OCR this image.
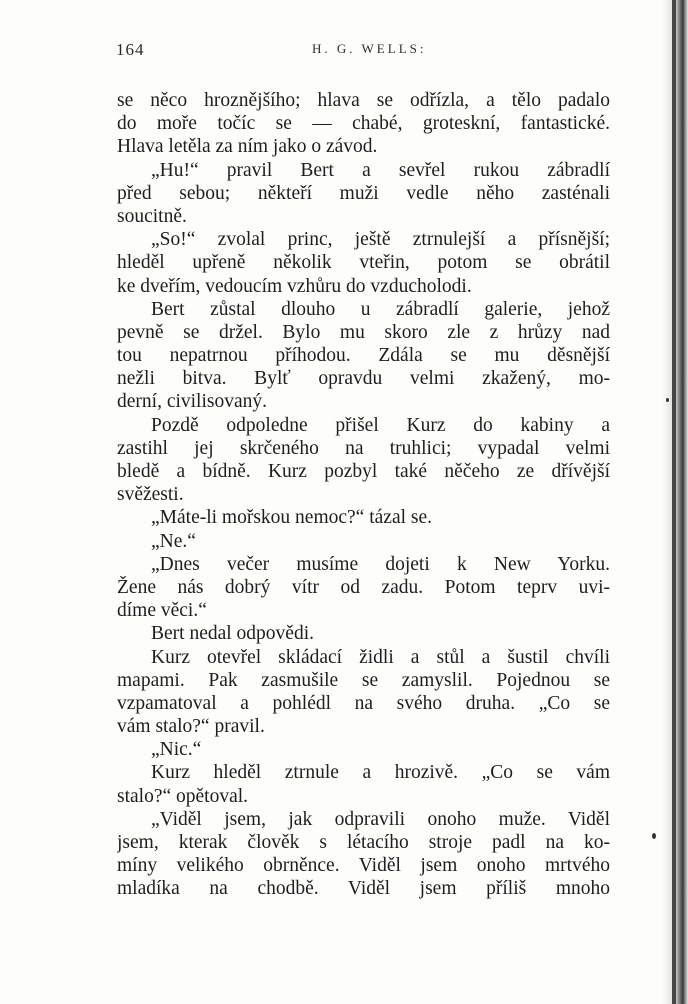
164	H. G. WELLS:
se něco hroznějšího; hlava se odřízla, a tělo padalo
do moře točíc se — chabé, groteskní, fantastické.
Hlava letěla za ním jako o závod.
„Hu!“ pravil Bert a sevřel rukou zábradlí
před sebou; někteří muži vedle něho zasténali
soucitně.
„So!“ zvolal princ, ještě ztrnulejší a přísnější;
hleděl upřeně několik vteřin, potom se obrátil
ke dveřím, vedoucím vzhůru do vzducholodi.
Bert zůstal dlouho u zábradlí galerie, jehož
pevně se držel. Bylo mu skoro zle z hrůzy nad
tou nepatrnou příhodou. Zdála se mu děsnější
nežli bitva. Bylť opravdu velmi zkažený, mo-
derní, civilisovaný.
Pozdě odpoledne přišel Kurz do kabiny a
zastihl jej skrčeného na truhlici; vypadal velmi
bledě a bídně. Kurz pozbyl také něčeho ze dřívější
svěžesti.
„Máte-li mořskou nemoc?“ tázal se.
„Ne.“
„Dnes večer musíme dojeti k New Yorku.
Žene nás dobrý vítr od zadu. Potom teprv uvi-
díme věci.“
Bert nedal odpovědi.
Kurz otevřel skládací židli a stůl a šustil chvíli
mapami. Pak zasmušile se zamyslil. Pojednou se
vzpamatoval a pohlédl na svého druha. „Co se
vám stalo?“ pravil.
„Nic.“
Kurz hleděl ztrnule a hrozivě. „Co se vám
stalo?“ opětoval.
„Viděl jsem, jak odpravili onoho muže. Viděl
jsem, kterak člověk s létacího stroje padl na ko-
míny velikého obrněnce. Viděl jsem onoho mrtvého
mladíka na chodbě. Viděl jsem příliš mnoho
